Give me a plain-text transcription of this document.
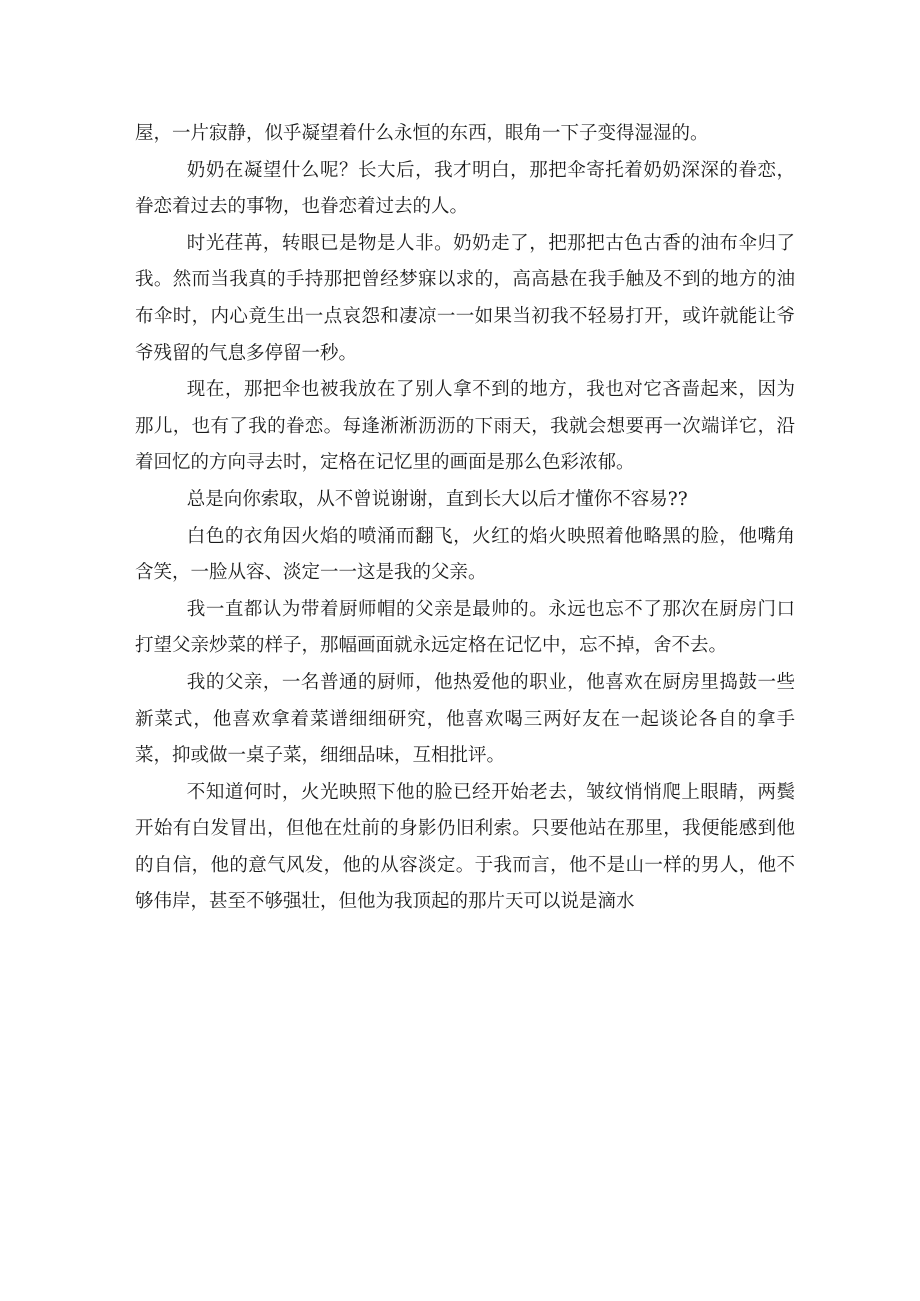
屋，一片寂静，似乎凝望着什么永恒的东西，眼角一下子变得湿湿的。

奶奶在凝望什么呢？长大后，我才明白，那把伞寄托着奶奶深深的眷恋，眷恋着过去的事物，也眷恋着过去的人。

时光荏苒，转眼已是物是人非。奶奶走了，把那把古色古香的油布伞归了我。然而当我真的手持那把曾经梦寐以求的，高高悬在我手触及不到的地方的油布伞时，内心竟生出一点哀怨和凄凉一一如果当初我不轻易打开，或许就能让爷爷残留的气息多停留一秒。

现在，那把伞也被我放在了别人拿不到的地方，我也对它吝啬起来，因为那儿，也有了我的眷恋。每逢淅淅沥沥的下雨天，我就会想要再一次端详它，沿着回忆的方向寻去时，定格在记忆里的画面是那么色彩浓郁。

总是向你索取，从不曾说谢谢，直到长大以后才懂你不容易??

白色的衣角因火焰的喷涌而翻飞，火红的焰火映照着他略黑的脸，他嘴角含笑，一脸从容、淡定一一这是我的父亲。

我一直都认为带着厨师帽的父亲是最帅的。永远也忘不了那次在厨房门口打望父亲炒菜的样子，那幅画面就永远定格在记忆中，忘不掉，舍不去。

我的父亲，一名普通的厨师，他热爱他的职业，他喜欢在厨房里捣鼓一些新菜式，他喜欢拿着菜谱细细研究，他喜欢喝三两好友在一起谈论各自的拿手菜，抑或做一桌子菜，细细品味，互相批评。

不知道何时，火光映照下他的脸已经开始老去，皱纹悄悄爬上眼睛，两鬓开始有白发冒出，但他在灶前的身影仍旧利索。只要他站在那里，我便能感到他的自信，他的意气风发，他的从容淡定。于我而言，他不是山一样的男人，他不够伟岸，甚至不够强壮，但他为我顶起的那片天可以说是滴水
